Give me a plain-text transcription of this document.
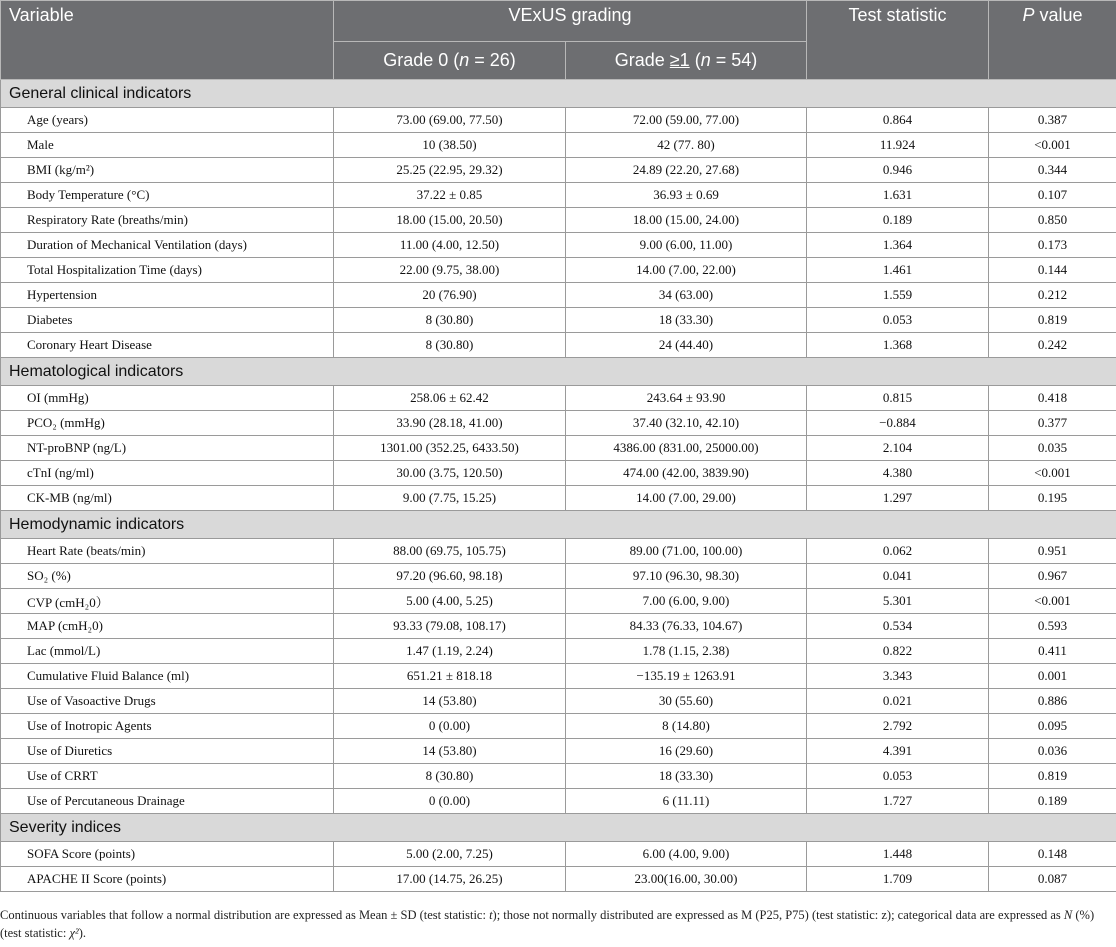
Variable	VExUS grading		Test statistic	P value
	Grade 0 (n = 26)	Grade ≥1 (n = 54)		
General clinical indicators				
Age (years)	73.00 (69.00, 77.50)	72.00 (59.00, 77.00)	0.864	0.387
Male	10 (38.50)	42 (77. 80)	11.924	<0.001
BMI (kg/m²)	25.25 (22.95, 29.32)	24.89 (22.20, 27.68)	0.946	0.344
Body Temperature (°C)	37.22 ± 0.85	36.93 ± 0.69	1.631	0.107
Respiratory Rate (breaths/min)	18.00 (15.00, 20.50)	18.00 (15.00, 24.00)	0.189	0.850
Duration of Mechanical Ventilation (days)	11.00 (4.00, 12.50)	9.00 (6.00, 11.00)	1.364	0.173
Total Hospitalization Time (days)	22.00 (9.75, 38.00)	14.00 (7.00, 22.00)	1.461	0.144
Hypertension	20 (76.90)	34 (63.00)	1.559	0.212
Diabetes	8 (30.80)	18 (33.30)	0.053	0.819
Coronary Heart Disease	8 (30.80)	24 (44.40)	1.368	0.242
Hematological indicators				
OI (mmHg)	258.06 ± 62.42	243.64 ± 93.90	0.815	0.418
PCO₂ (mmHg)	33.90 (28.18, 41.00)	37.40 (32.10, 42.10)	−0.884	0.377
NT-proBNP (ng/L)	1301.00 (352.25, 6433.50)	4386.00 (831.00, 25000.00)	2.104	0.035
cTnI (ng/ml)	30.00 (3.75, 120.50)	474.00 (42.00, 3839.90)	4.380	<0.001
CK-MB (ng/ml)	9.00 (7.75, 15.25)	14.00 (7.00, 29.00)	1.297	0.195
Hemodynamic indicators				
Heart Rate (beats/min)	88.00 (69.75, 105.75)	89.00 (71.00, 100.00)	0.062	0.951
SO₂ (%)	97.20 (96.60, 98.18)	97.10 (96.30, 98.30)	0.041	0.967
CVP (cmH₂0）	5.00 (4.00, 5.25)	7.00 (6.00, 9.00)	5.301	<0.001
MAP (cmH₂0)	93.33 (79.08, 108.17)	84.33 (76.33, 104.67)	0.534	0.593
Lac (mmol/L)	1.47 (1.19, 2.24)	1.78 (1.15, 2.38)	0.822	0.411
Cumulative Fluid Balance (ml)	651.21 ± 818.18	−135.19 ± 1263.91	3.343	0.001
Use of Vasoactive Drugs	14 (53.80)	30 (55.60)	0.021	0.886
Use of Inotropic Agents	0 (0.00)	8 (14.80)	2.792	0.095
Use of Diuretics	14 (53.80)	16 (29.60)	4.391	0.036
Use of CRRT	8 (30.80)	18 (33.30)	0.053	0.819
Use of Percutaneous Drainage	0 (0.00)	6 (11.11)	1.727	0.189
Severity indices				
SOFA Score (points)	5.00 (2.00, 7.25)	6.00 (4.00, 9.00)	1.448	0.148
APACHE II Score (points)	17.00 (14.75, 26.25)	23.00(16.00, 30.00)	1.709	0.087
Continuous variables that follow a normal distribution are expressed as Mean ± SD (test statistic: t); those not normally distributed are expressed as M (P25, P75) (test statistic: z); categorical data are expressed as N (%) (test statistic: χ²).
